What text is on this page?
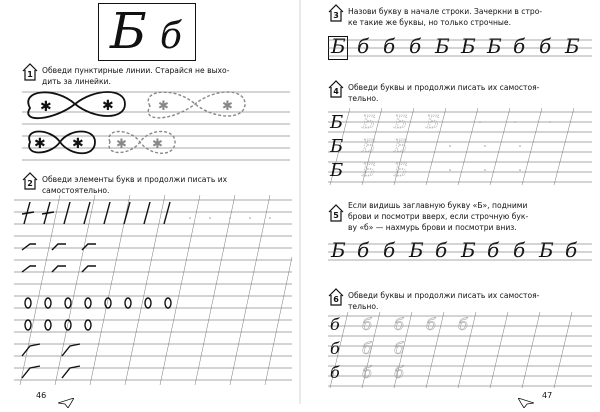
Б б
1	Обведи пунктирные линии. Старайся не выхо-
дить за линейки.
✱	✱
✱ ✱
✱	✱
✱ ✱
2	Обведи элементы букв и продолжи писать их
самостоятельно.
46
3	Назови букву в начале строки. Зачеркни в стро-
ке такие же буквы, но только строчные.
Б б б б Б Б Б б б Б
4	Обведи буквы и продолжи писать их самостоя-
тельно.
5
Если видишь заглавную букву «Б», подними
брови и посмотри вверх, если строчную бук-
ву «б» — нахмурь брови и посмотри вниз.
Б б б Б б Б б б Б б
6	Обведи буквы и продолжи писать их самостоя-
тельно.
Б
Б
Б
Б Б Б
Б Б
Б Б
б
б
б
б б б б
б б
б б
47
